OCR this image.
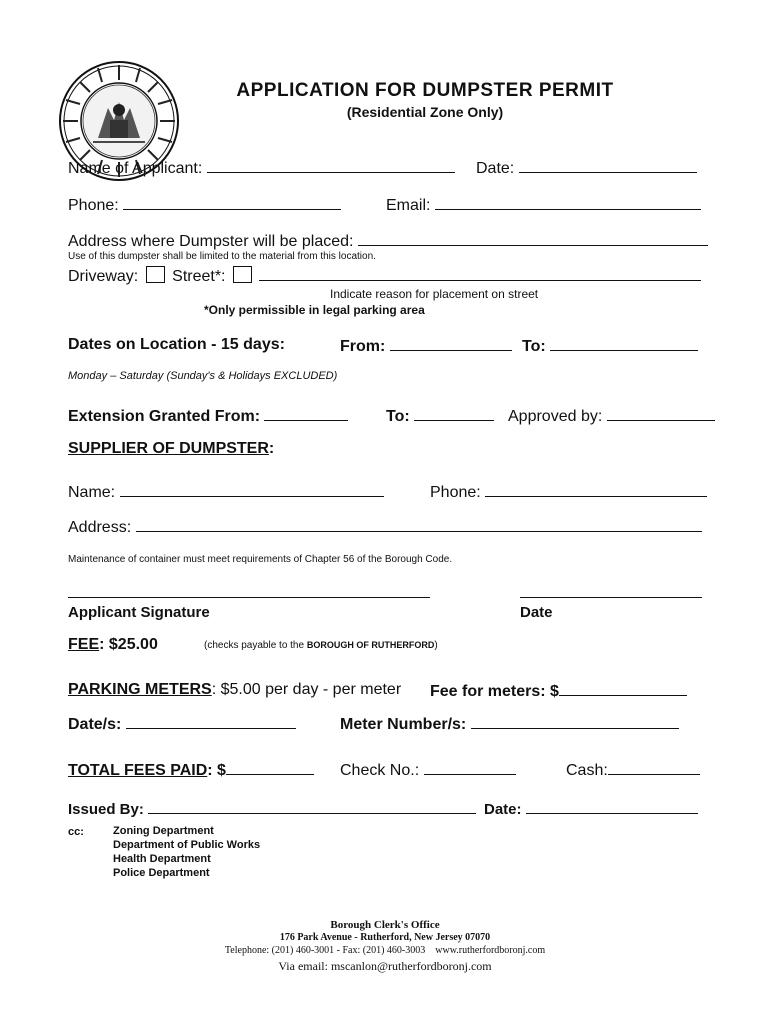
APPLICATION FOR DUMPSTER PERMIT
(Residential Zone Only)
Name of Applicant:	Date:
Phone:	Email:
Address where Dumpster will be placed:
Use of this dumpster shall be limited to the material from this location.
Driveway: Street*:
Indicate reason for placement on street
*Only permissible in legal parking area
Dates on Location - 15 days:	From:	To:
Monday – Saturday (Sunday's & Holidays EXCLUDED)
Extension Granted From:	To:	Approved by:
SUPPLIER OF DUMPSTER:
Name:	Phone:
Address:
Maintenance of container must meet requirements of Chapter 56 of the Borough Code.
Applicant Signature	Date
FEE: $25.00	(checks payable to the BOROUGH OF RUTHERFORD)
PARKING METERS: $5.00 per day - per meter Fee for meters: $
Date/s:	Meter Number/s:
TOTAL FEES PAID: $	Check No.:	Cash:
Issued By:	Date:
cc:	Zoning Department
Department of Public Works
Health Department
Police Department
Borough Clerk's Office
176 Park Avenue - Rutherford, New Jersey 07070
Telephone: (201) 460-3001 - Fax: (201) 460-3003    www.rutherfordboronj.com
Via email: mscanlon@rutherfordboronj.com
